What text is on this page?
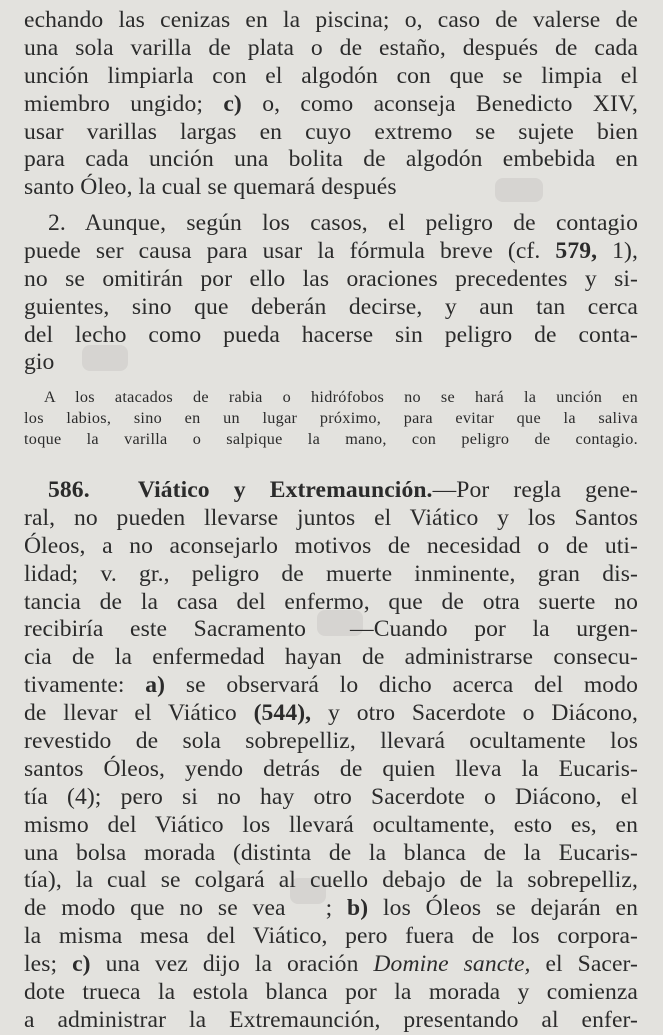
echando las cenizas en la piscina; o, caso de valerse de
una sola varilla de plata o de estaño, después de cada
unción limpiarla con el algodón con que se limpia el
miembro ungido; c) o, como aconseja Benedicto XIV,
usar varillas largas en cuyo extremo se sujete bien
para cada unción una bolita de algodón embebida en
santo Óleo, la cual se quemará después
2. Aunque, según los casos, el peligro de contagio
puede ser causa para usar la fórmula breve (cf. 579, 1),
no se omitirán por ello las oraciones precedentes y si-
guientes, sino que deberán decirse, y aun tan cerca
del lecho como pueda hacerse sin peligro de conta-
gio
A los atacados de rabia o hidrófobos no se hará la unción en
los labios, sino en un lugar próximo, para evitar que la saliva
toque la varilla o salpique la mano, con peligro de contagio.
586. Viático y Extremaunción.—Por regla gene-
ral, no pueden llevarse juntos el Viático y los Santos
Óleos, a no aconsejarlo motivos de necesidad o de uti-
lidad; v. gr., peligro de muerte inminente, gran dis-
tancia de la casa del enfermo, que de otra suerte no
recibiría este Sacramento —Cuando por la urgen-
cia de la enfermedad hayan de administrarse consecu-
tivamente: a) se observará lo dicho acerca del modo
de llevar el Viático (544), y otro Sacerdote o Diácono,
revestido de sola sobrepelliz, llevará ocultamente los
santos Óleos, yendo detrás de quien lleva la Eucaris-
tía (4); pero si no hay otro Sacerdote o Diácono, el
mismo del Viático los llevará ocultamente, esto es, en
una bolsa morada (distinta de la blanca de la Eucaris-
tía), la cual se colgará al cuello debajo de la sobrepelliz,
de modo que no se vea ; b) los Óleos se dejarán en
la misma mesa del Viático, pero fuera de los corpora-
les; c) una vez dijo la oración Domine sancte, el Sacer-
dote trueca la estola blanca por la morada y comienza
a administrar la Extremaunción, presentando al enfer-
